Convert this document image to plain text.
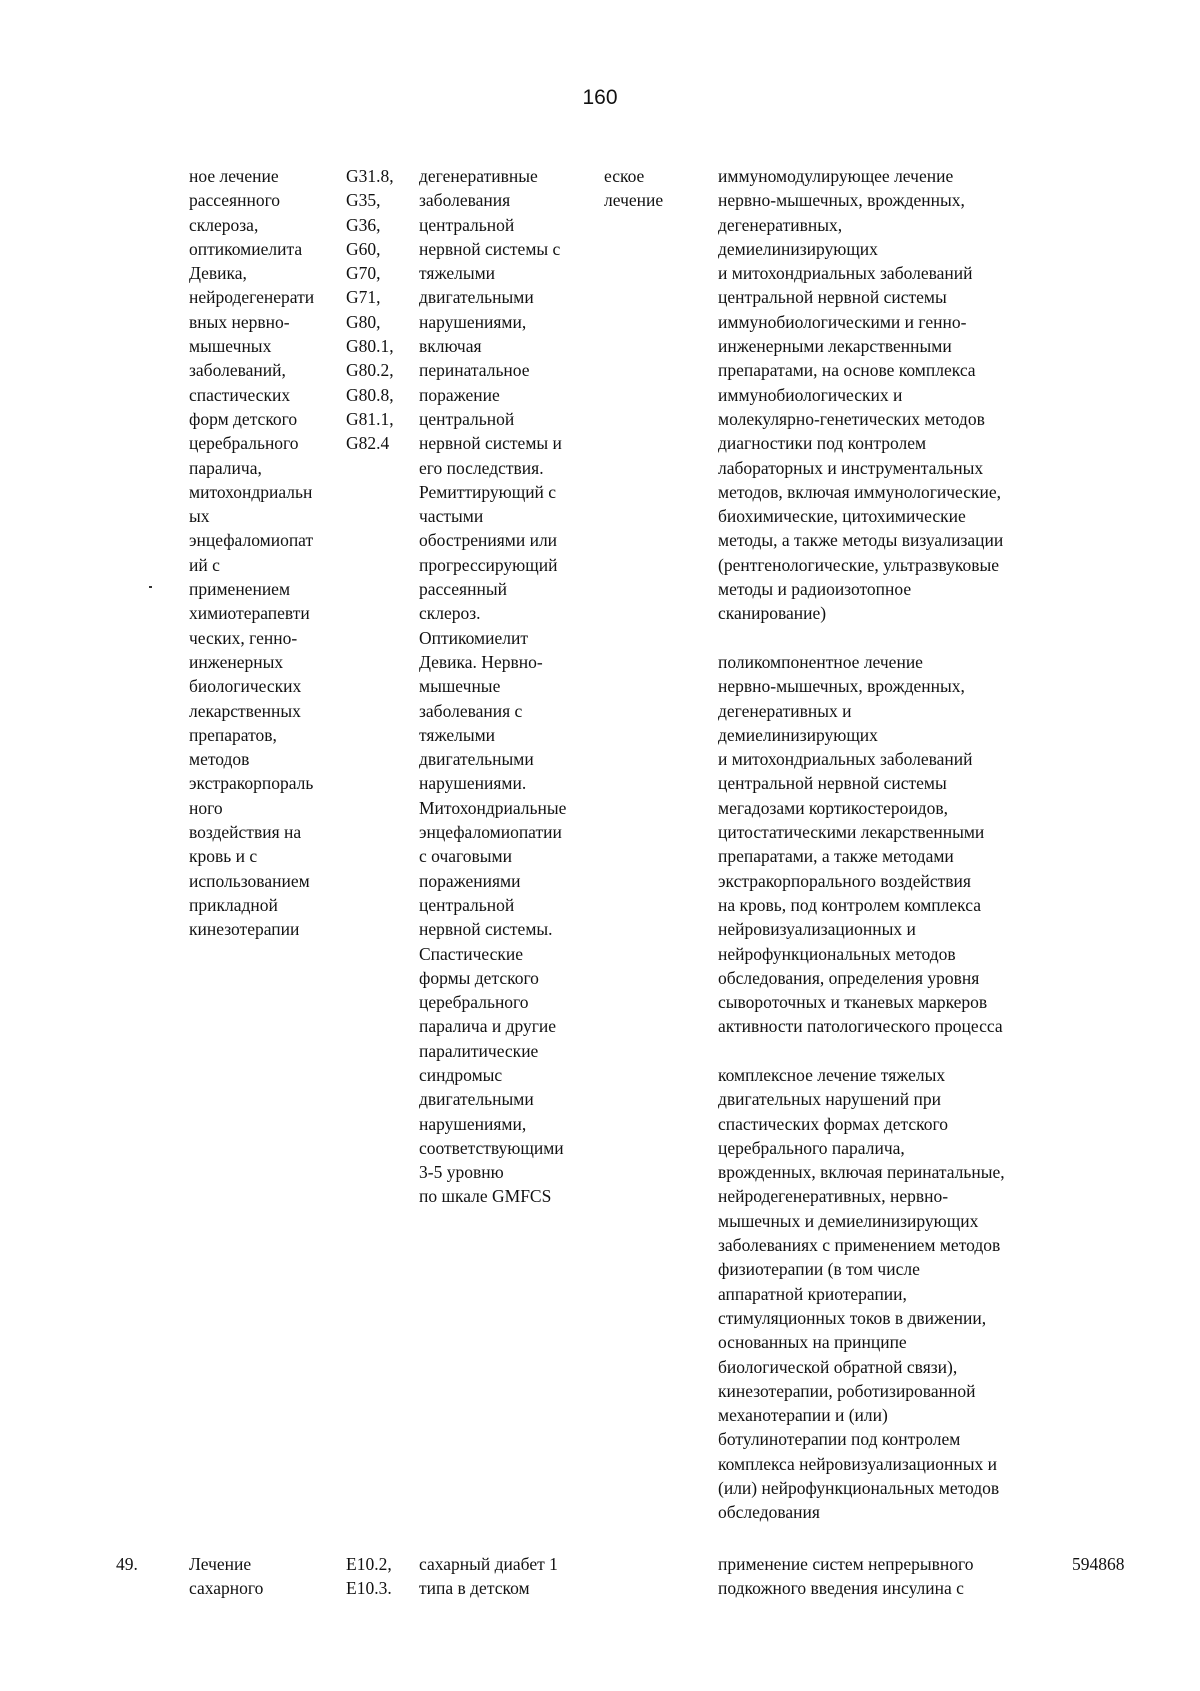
160
ное лечение
рассеянного
склероза,
оптикомиелита
Девика,
нейродегенерати
вных нервно-
мышечных
заболеваний,
спастических
форм детского
церебрального
паралича,
митохондриальн
ых
энцефаломиопат
ий с
применением
химиотерапевти
ческих, генно-
инженерных
биологических
лекарственных
препаратов,
методов
экстракорпораль
ного
воздействия на
кровь и с
использованием
прикладной
кинезотерапии
G31.8,
G35,
G36,
G60,
G70,
G71,
G80,
G80.1,
G80.2,
G80.8,
G81.1,
G82.4
дегенеративные
заболевания
центральной
нервной системы с
тяжелыми
двигательными
нарушениями,
включая
перинатальное
поражение
центральной
нервной системы и
его последствия.
Ремиттирующий с
частыми
обострениями или
прогрессирующий
рассеянный
склероз.
Оптикомиелит
Девика. Нервно-
мышечные
заболевания с
тяжелыми
двигательными
нарушениями.
Митохондриальные
энцефаломиопатии
с очаговыми
поражениями
центральной
нервной системы.
Спастические
формы детского
церебрального
паралича и другие
паралитические
синдромыс
двигательными
нарушениями,
соответствующими
3-5 уровню
по шкале GMFCS
еское
лечение
иммуномодулирующее лечение
нервно-мышечных, врожденных,
дегенеративных,
демиелинизирующих
и митохондриальных заболеваний
центральной нервной системы
иммунобиологическими и генно-
инженерными лекарственными
препаратами, на основе комплекса
иммунобиологических и
молекулярно-генетических методов
диагностики под контролем
лабораторных и инструментальных
методов, включая иммунологические,
биохимические, цитохимические
методы, а также методы визуализации
(рентгенологические, ультразвуковые
методы и радиоизотопное
сканирование)
поликомпонентное лечение
нервно-мышечных, врожденных,
дегенеративных и
демиелинизирующих
и митохондриальных заболеваний
центральной нервной системы
мегадозами кортикостероидов,
цитостатическими лекарственными
препаратами, а также методами
экстракорпорального воздействия
на кровь, под контролем комплекса
нейровизуализационных и
нейрофункциональных методов
обследования, определения уровня
сывороточных и тканевых маркеров
активности патологического процесса
комплексное лечение тяжелых
двигательных нарушений при
спастических формах детского
церебрального паралича,
врожденных, включая перинатальные,
нейродегенеративных, нервно-
мышечных и демиелинизирующих
заболеваниях с применением методов
физиотерапии (в том числе
аппаратной криотерапии,
стимуляционных токов в движении,
основанных на принципе
биологической обратной связи),
кинезотерапии, роботизированной
механотерапии и (или)
ботулинотерапии под контролем
комплекса нейровизуализационных и
(или) нейрофункциональных методов
обследования
49.	Лечение
сахарного
E10.2,
E10.3.
сахарный диабет 1
типа в детском
применение систем непрерывного
подкожного введения инсулина с
594868
